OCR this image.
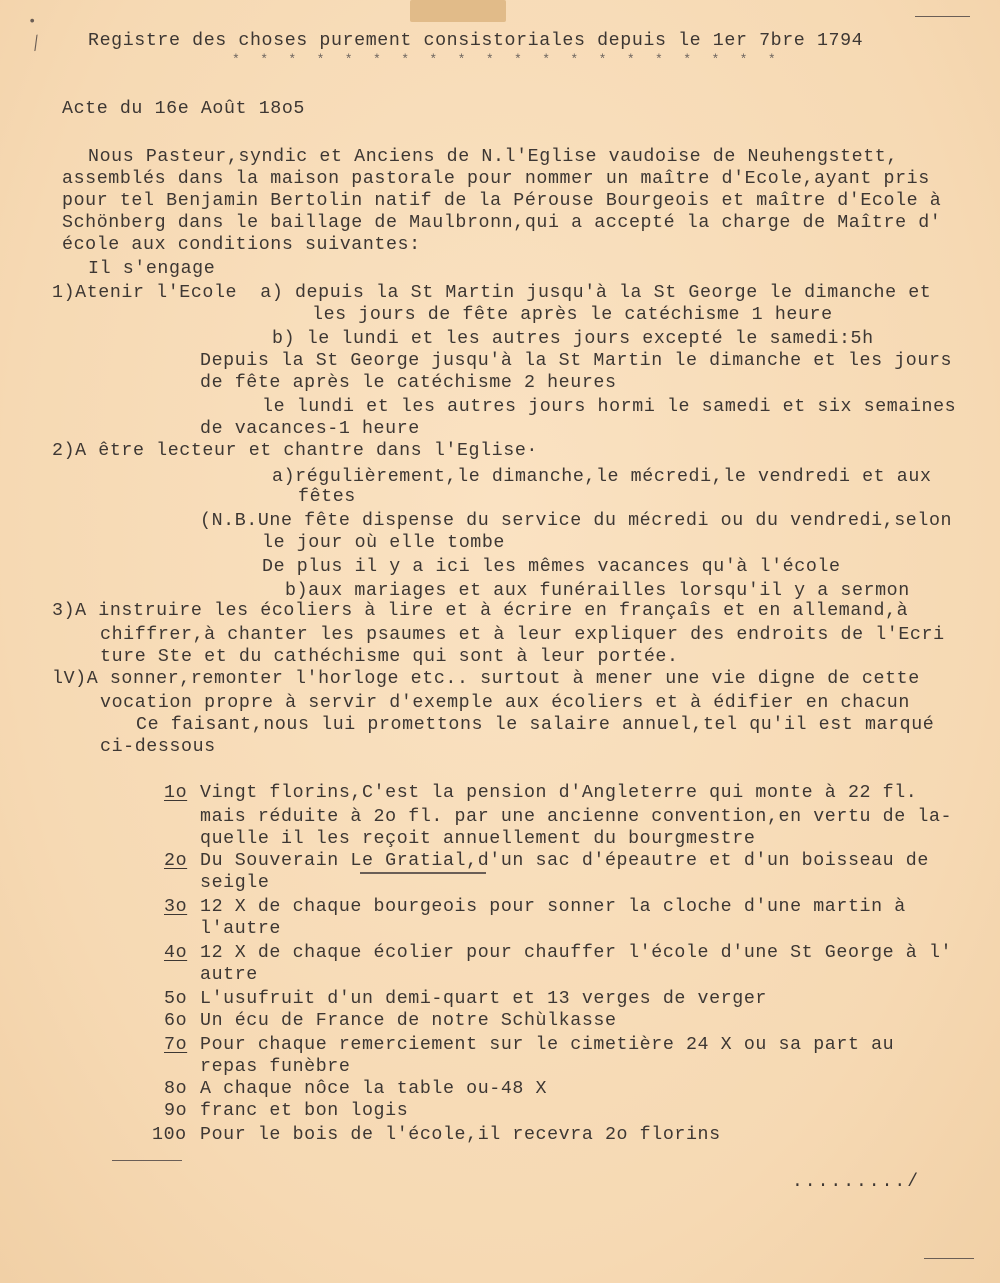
•
⁄ Registre des choses purement consistoriales depuis le 1er 7bre 1794
* * * * * * * * * * * * * * * * * * * *
Acte du 16e Août 18o5
Nous Pasteur,syndic et Anciens de N.l'Eglise vaudoise de Neuhengstett,
assemblés dans la maison pastorale pour nommer un maître d'Ecole,ayant pris
pour tel Benjamin Bertolin natif de la Pérouse Bourgeois et maître d'Ecole à
Schönberg dans le baillage de Maulbronn,qui a accepté la charge de Maître d'
école aux conditions suivantes:
Il s'engage
1)Atenir l'Ecole  a) depuis la St Martin jusqu'à la St George le dimanche et
les jours de fête après le catéchisme 1 heure
b) le lundi et les autres jours excepté le samedi:5h
Depuis la St George jusqu'à la St Martin le dimanche et les jours
de fête après le catéchisme 2 heures
le lundi et les autres jours hormi le samedi et six semaines
de vacances-1 heure
2)A être lecteur et chantre dans l'Eglise·
a)régulièrement,le dimanche,le mécredi,le vendredi et aux
fêtes
(N.B.Une fête dispense du service du mécredi ou du vendredi,selon
le jour où elle tombe
De plus il y a ici les mêmes vacances qu'à l'école
b)aux mariages et aux funérailles lorsqu'il y a sermon
3)A instruire les écoliers à lire et à écrire en françaîs et en allemand,à
chiffrer,à chanter les psaumes et à leur expliquer des endroits de l'Ecri
ture Ste et du cathéchisme qui sont à leur portée.
lV)A sonner,remonter l'horloge etc.. surtout à mener une vie digne de cette
vocation propre à servir d'exemple aux écoliers et à édifier en chacun
Ce faisant,nous lui promettons le salaire annuel,tel qu'il est marqué
ci-dessous
1o Vingt florins,C'est la pension d'Angleterre qui monte à 22 fl.
mais réduite à 2o fl. par une ancienne convention,en vertu de la-
quelle il les reçoit annuellement du bourgmestre
2o Du Souverain Le Gratial,d'un sac d'épeautre et d'un boisseau de
seigle
3o 12 X de chaque bourgeois pour sonner la cloche d'une martin à
l'autre
4o 12 X de chaque écolier pour chauffer l'école d'une St George à l'
autre
5o L'usufruit d'un demi-quart et 13 verges de verger
6o Un écu de France de notre Schùlkasse
7o Pour chaque remerciement sur le cimetière 24 X ou sa part au
repas funèbre
8o A chaque nôce la table ou-48 X
9o franc et bon logis
10o Pour le bois de l'école,il recevra 2o florins
........./
